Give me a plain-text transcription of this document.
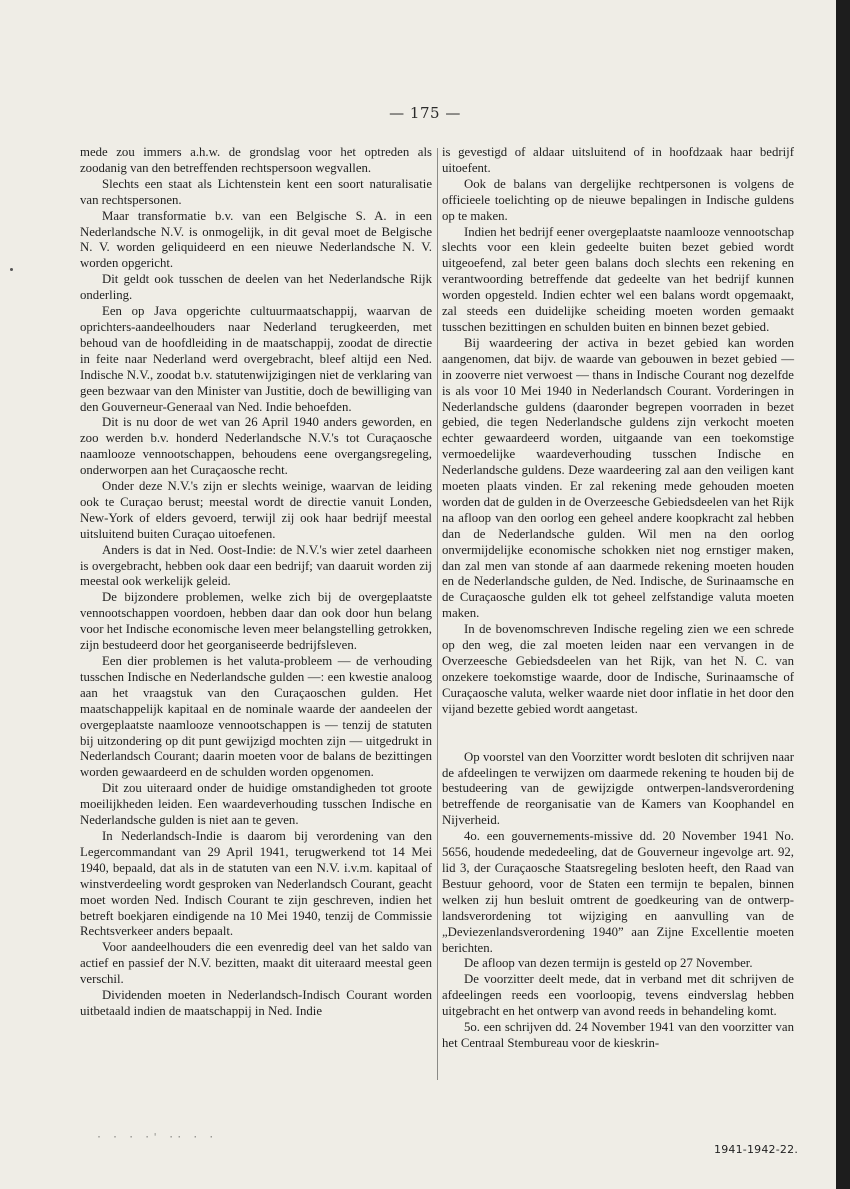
— 175 —

mede zou immers a.h.w. de grondslag voor het optreden als zoodanig van den betreffenden rechtspersoon wegvallen.

Slechts een staat als Lichtenstein kent een soort naturalisatie van rechtspersonen.

Maar transformatie b.v. van een Belgische S. A. in een Nederlandsche N.V. is onmogelijk, in dit geval moet de Belgische N. V. worden geliquideerd en een nieuwe Nederlandsche N. V. worden opgericht.

Dit geldt ook tusschen de deelen van het Nederlandsche Rijk onderling.

Een op Java opgerichte cultuurmaatschappij, waarvan de oprichters-aandeelhouders naar Nederland terugkeerden, met behoud van de hoofdleiding in de maatschappij, zoodat de directie in feite naar Nederland werd overgebracht, bleef altijd een Ned. Indische N.V., zoodat b.v. statutenwijzigingen niet de verklaring van geen bezwaar van den Minister van Justitie, doch de bewilliging van den Gouverneur-Generaal van Ned. Indie behoefden.

Dit is nu door de wet van 26 April 1940 anders geworden, en zoo werden b.v. honderd Nederlandsche N.V.'s tot Curaçaosche naamlooze vennootschappen, behoudens eene overgangsregeling, onderworpen aan het Curaçaosche recht.

Onder deze N.V.'s zijn er slechts weinige, waarvan de leiding ook te Curaçao berust; meestal wordt de directie vanuit Londen, New-York of elders gevoerd, terwijl zij ook haar bedrijf meestal uitsluitend buiten Curaçao uitoefenen.

Anders is dat in Ned. Oost-Indie: de N.V.'s wier zetel daarheen is overgebracht, hebben ook daar een bedrijf; van daaruit worden zij meestal ook werkelijk geleid.

De bijzondere problemen, welke zich bij de overgeplaatste vennootschappen voordoen, hebben daar dan ook door hun belang voor het Indische economische leven meer belangstelling getrokken, zijn bestudeerd door het georganiseerde bedrijfsleven.

Een dier problemen is het valuta-probleem — de verhouding tusschen Indische en Nederlandsche gulden —: een kwestie analoog aan het vraagstuk van den Curaçaoschen gulden. Het maatschappelijk kapitaal en de nominale waarde der aandeelen der overgeplaatste naamlooze vennootschappen is — tenzij de statuten bij uitzondering op dit punt gewijzigd mochten zijn — uitgedrukt in Nederlandsch Courant; daarin moeten voor de balans de bezittingen worden gewaardeerd en de schulden worden opgenomen.

Dit zou uiteraard onder de huidige omstandigheden tot groote moeilijkheden leiden. Een waardeverhouding tusschen Indische en Nederlandsche gulden is niet aan te geven.

In Nederlandsch-Indie is daarom bij verordening van den Legercommandant van 29 April 1941, terugwerkend tot 14 Mei 1940, bepaald, dat als in de statuten van een N.V. i.v.m. kapitaal of winstverdeeling wordt gesproken van Nederlandsch Courant, geacht moet worden Ned. Indisch Courant te zijn geschreven, indien het betreft boekjaren eindigende na 10 Mei 1940, tenzij de Commissie Rechtsverkeer anders bepaalt.

Voor aandeelhouders die een evenredig deel van het saldo van actief en passief der N.V. bezitten, maakt dit uiteraard meestal geen verschil.

Dividenden moeten in Nederlandsch-Indisch Courant worden uitbetaald indien de maatschappij in Ned. Indie

is gevestigd of aldaar uitsluitend of in hoofdzaak haar bedrijf uitoefent.

Ook de balans van dergelijke rechtpersonen is volgens de officieele toelichting op de nieuwe bepalingen in Indische guldens op te maken.

Indien het bedrijf eener overgeplaatste naamlooze vennootschap slechts voor een klein gedeelte buiten bezet gebied wordt uitgeoefend, zal beter geen balans doch slechts een rekening en verantwoording betreffende dat gedeelte van het bedrijf kunnen worden opgesteld. Indien echter wel een balans wordt opgemaakt, zal steeds een duidelijke scheiding moeten worden gemaakt tusschen bezittingen en schulden buiten en binnen bezet gebied.

Bij waardeering der activa in bezet gebied kan worden aangenomen, dat bijv. de waarde van gebouwen in bezet gebied — in zooverre niet verwoest — thans in Indische Courant nog dezelfde is als voor 10 Mei 1940 in Nederlandsch Courant. Vorderingen in Nederlandsche guldens (daaronder begrepen voorraden in bezet gebied, die tegen Nederlandsche guldens zijn verkocht moeten echter gewaardeerd worden, uitgaande van een toekomstige vermoedelijke waardeverhouding tusschen Indische en Nederlandsche guldens. Deze waardeering zal aan den veiligen kant moeten plaats vinden. Er zal rekening mede gehouden moeten worden dat de gulden in de Overzeesche Gebiedsdeelen van het Rijk na afloop van den oorlog een geheel andere koopkracht zal hebben dan de Nederlandsche gulden. Wil men na den oorlog onvermijdelijke economische schokken niet nog ernstiger maken, dan zal men van stonde af aan daarmede rekening moeten houden en de Nederlandsche gulden, de Ned. Indische, de Surinaamsche en de Curaçaosche gulden elk tot geheel zelfstandige valuta moeten maken.

In de bovenomschreven Indische regeling zien we een schrede op den weg, die zal moeten leiden naar een vervangen in de Overzeesche Gebiedsdeelen van het Rijk, van het N. C. van onzekere toekomstige waarde, door de Indische, Surinaamsche of Curaçaosche valuta, welker waarde niet door inflatie in het door den vijand bezette gebied wordt aangetast.

Op voorstel van den Voorzitter wordt besloten dit schrijven naar de afdeelingen te verwijzen om daarmede rekening te houden bij de bestudeering van de gewijzigde ontwerpen-landsverordening betreffende de reorganisatie van de Kamers van Koophandel en Nijverheid.

4o. een gouvernements-missive dd. 20 November 1941 No. 5656, houdende mededeeling, dat de Gouverneur ingevolge art. 92, lid 3, der Curaçaosche Staatsregeling besloten heeft, den Raad van Bestuur gehoord, voor de Staten een termijn te bepalen, binnen welken zij hun besluit omtrent de goedkeuring van de ontwerp-landsverordening tot wijziging en aanvulling van de „Deviezenlandsverordening 1940” aan Zijne Excellentie moeten berichten.

De afloop van dezen termijn is gesteld op 27 November.

De voorzitter deelt mede, dat in verband met dit schrijven de afdeelingen reeds een voorloopig, tevens eindverslag hebben uitgebracht en het ontwerp van avond reeds in behandeling komt.

5o. een schrijven dd. 24 November 1941 van den voorzitter van het Centraal Stembureau voor de kieskrin-

· · · ·' ·· · ·
1941-1942-22.
